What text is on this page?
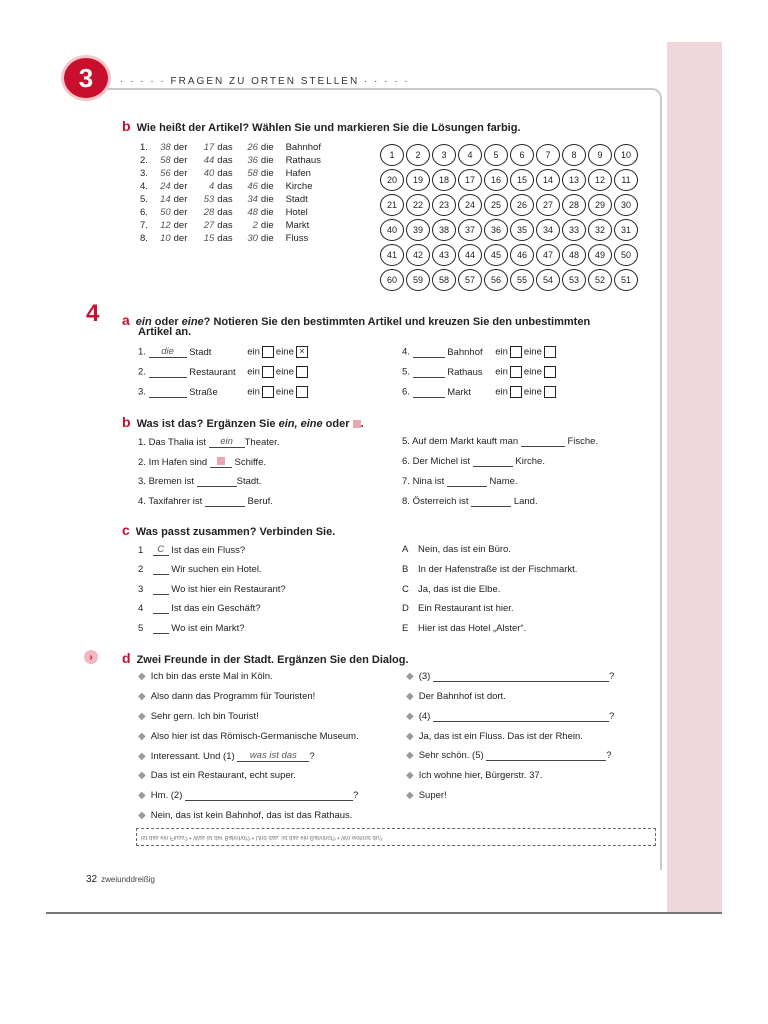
3	· · · · · FRAGEN ZU ORTEN STELLEN · · · · ·
b Wie heißt der Artikel? Wählen Sie und markieren Sie die Lösungen farbig.
1. 38 der 17 das 26 die Bahnhof
2. 58 der 44 das 36 die Rathaus
3. 56 der 40 das 58 die Hafen
4. 24 der 4 das 46 die Kirche
5. 14 der 53 das 34 die Stadt
6. 50 der 28 das 48 die Hotel
7. 12 der 27 das 2 die Markt
8. 10 der 15 das 30 die Fluss
1	2	3	4	5	6	7	8	9	10
20	19	18	17	16	15	14	13	12	11
21	22	23	24	25	26	27	28	29	30
40	39	38	37	36	35	34	33	32	31
41	42	43	44	45	46	47	48	49	50
60	59	58	57	56	55	54	53	52	51
4 a ein oder eine? Notieren Sie den bestimmten Artikel und kreuzen Sie den unbestimmten
Artikel an.
1. die Stadt	ein eine ×
2.	Restaurant ein eine
3.	Straße	ein eine
4.	Bahnhof ein eine
5.	Rathaus ein eine
6.	Markt	ein eine
b Was ist das? Ergänzen Sie ein, eine oder .
1. Das Thalia ist ein Theater.
2. Im Hafen sind	Schiffe.
3. Bremen ist	Stadt.
4. Taxifahrer ist	Beruf.
5. Auf dem Markt kauft man	Fische.
6. Der Michel ist	Kirche.
7. Nina ist	Name.
8. Österreich ist	Land.
c Was passt zusammen? Verbinden Sie.
1 C Ist das ein Fluss?
2	Wir suchen ein Hotel.
3	Wo ist hier ein Restaurant?
4	Ist das ein Geschäft?
5	Wo ist ein Markt?
A Nein, das ist ein Büro.
B In der Hafenstraße ist der Fischmarkt.
C Ja, das ist die Elbe.
D Ein Restaurant ist hier.
E Hier ist das Hotel „Alster“.
›	d Zwei Freunde in der Stadt. Ergänzen Sie den Dialog.
◆ Ich bin das erste Mal in Köln.
◆ Also dann das Programm für Touristen!
◆ Sehr gern. Ich bin Tourist!
◆ Also hier ist das Römisch-Germanische Museum.
◆ Interessant. Und (1) was ist das ?
◆ Das ist ein Restaurant, echt super.
◆ Hm. (2)	?
◆ Nein, das ist kein Bahnhof, das ist das Rathaus.
◆ (3)	?
◆ Der Bahnhof ist dort.
◆ (4)	?
◆ Ja, das ist ein Fluss. Das ist der Rhein.
◆ Sehr schön. (5)	?
◆ Ich wohne hier, Bürgerstr. 37.
◆ Super!
Ist das ein Fluss? • Was ist der Bahnhof? • Und das, ist das ein Bahnhof? • Wo wohnst du?
32 zweiunddreißig
